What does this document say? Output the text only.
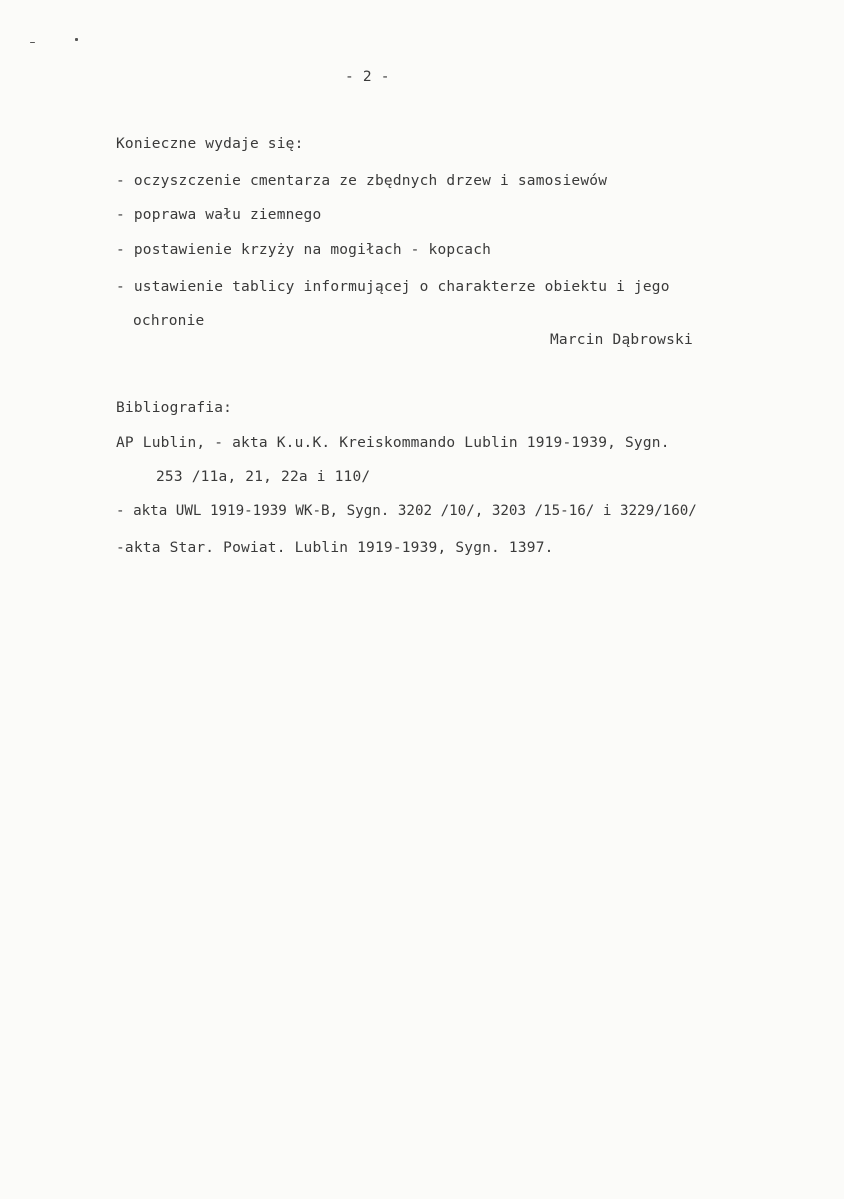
- 2 -
Konieczne wydaje się:
- oczyszczenie cmentarza ze zbędnych drzew i samosiewów
- poprawa wału ziemnego
- postawienie krzyży na mogiłach - kopcach
- ustawienie tablicy informującej o charakterze obiektu i jego
ochronie
Marcin Dąbrowski
Bibliografia:
AP Lublin, - akta K.u.K. Kreiskommando Lublin 1919-1939, Sygn.
253 /11a, 21, 22a i 110/
- akta UWL 1919-1939 WK-B, Sygn. 3202 /10/, 3203 /15-16/ i 3229/160/
-akta Star. Powiat. Lublin 1919-1939, Sygn. 1397.
